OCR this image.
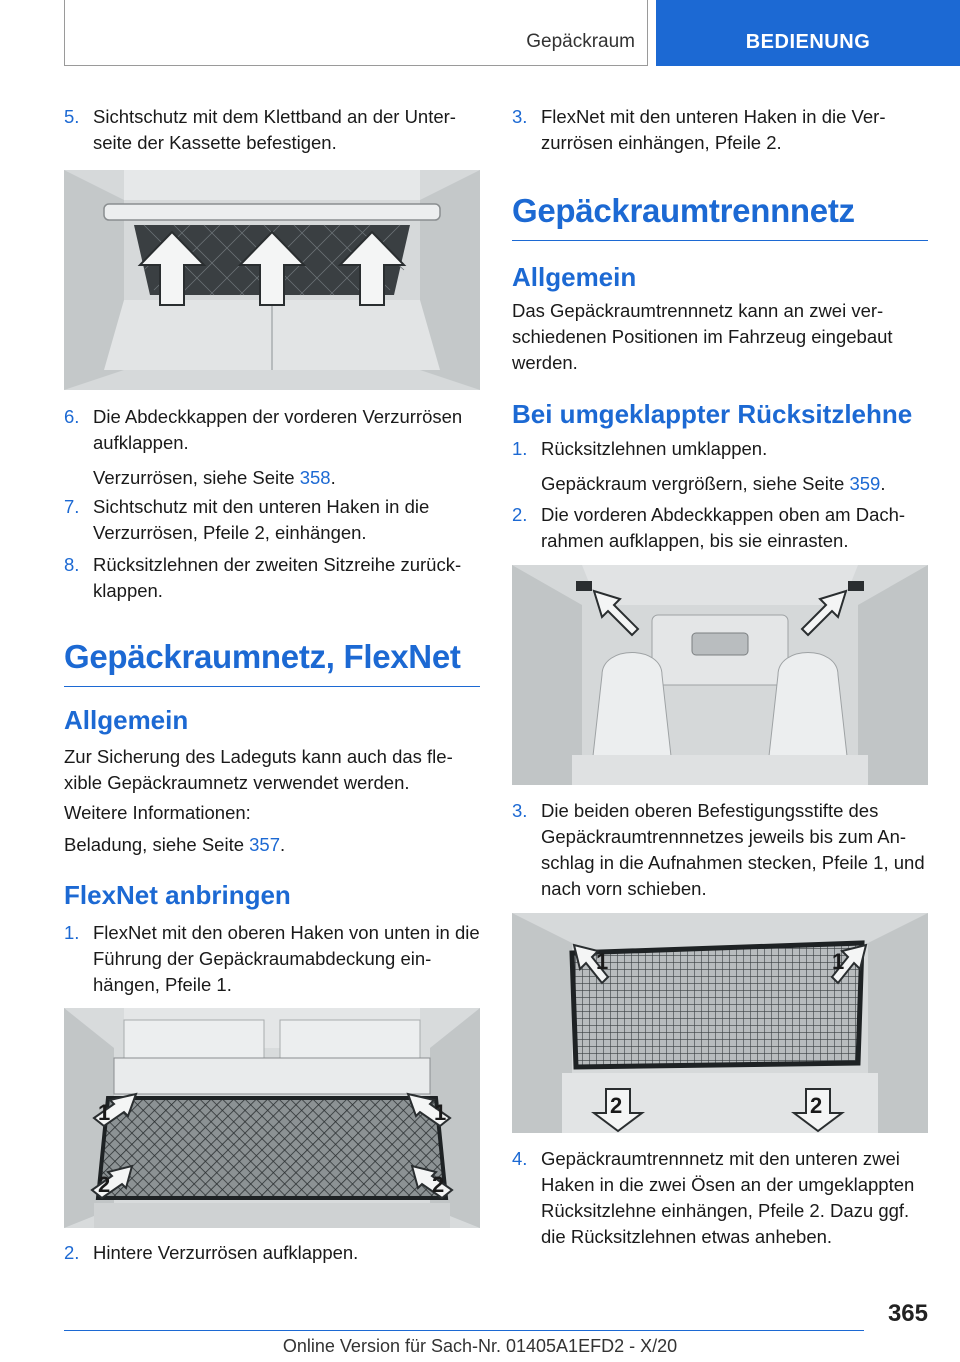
Gepäckraum	BEDIENUNG
5. Sichtschutz mit dem Klettband an der Unter-seite der Kassette befestigen.
6. Die Abdeckkappen der vorderen Verzurrösen aufklappen.
Verzurrösen, siehe Seite 358.
7. Sichtschutz mit den unteren Haken in die Verzurrösen, Pfeile 2, einhängen.
8. Rücksitzlehnen der zweiten Sitzreihe zurück-klappen.
Gepäckraumnetz, FlexNet
Allgemein
Zur Sicherung des Ladeguts kann auch das fle-xible Gepäckraumnetz verwendet werden.
Weitere Informationen:
Beladung, siehe Seite 357.
FlexNet anbringen
1. FlexNet mit den oberen Haken von unten in die Führung der Gepäckraumabdeckung ein-hängen, Pfeile 1.
1	1
2	2
2. Hintere Verzurrösen aufklappen.
3. FlexNet mit den unteren Haken in die Ver-zurrösen einhängen, Pfeile 2.
Gepäckraumtrennnetz
Allgemein
Das Gepäckraumtrennnetz kann an zwei ver-schiedenen Positionen im Fahrzeug eingebaut werden.
Bei umgeklappter Rücksitzlehne
1. Rücksitzlehnen umklappen.
Gepäckraum vergrößern, siehe Seite 359.
2. Die vorderen Abdeckkappen oben am Dach-rahmen aufklappen, bis sie einrasten.
3. Die beiden oberen Befestigungsstifte des Gepäckraumtrennnetzes jeweils bis zum An-schlag in die Aufnahmen stecken, Pfeile 1, und nach vorn schieben.
1	1
2	2
4. Gepäckraumtrennnetz mit den unteren zwei Haken in die zwei Ösen an der umgeklappten Rücksitzlehne einhängen, Pfeile 2. Dazu ggf. die Rücksitzlehnen etwas anheben.
365
Online Version für Sach-Nr. 01405A1EFD2 - X/20
